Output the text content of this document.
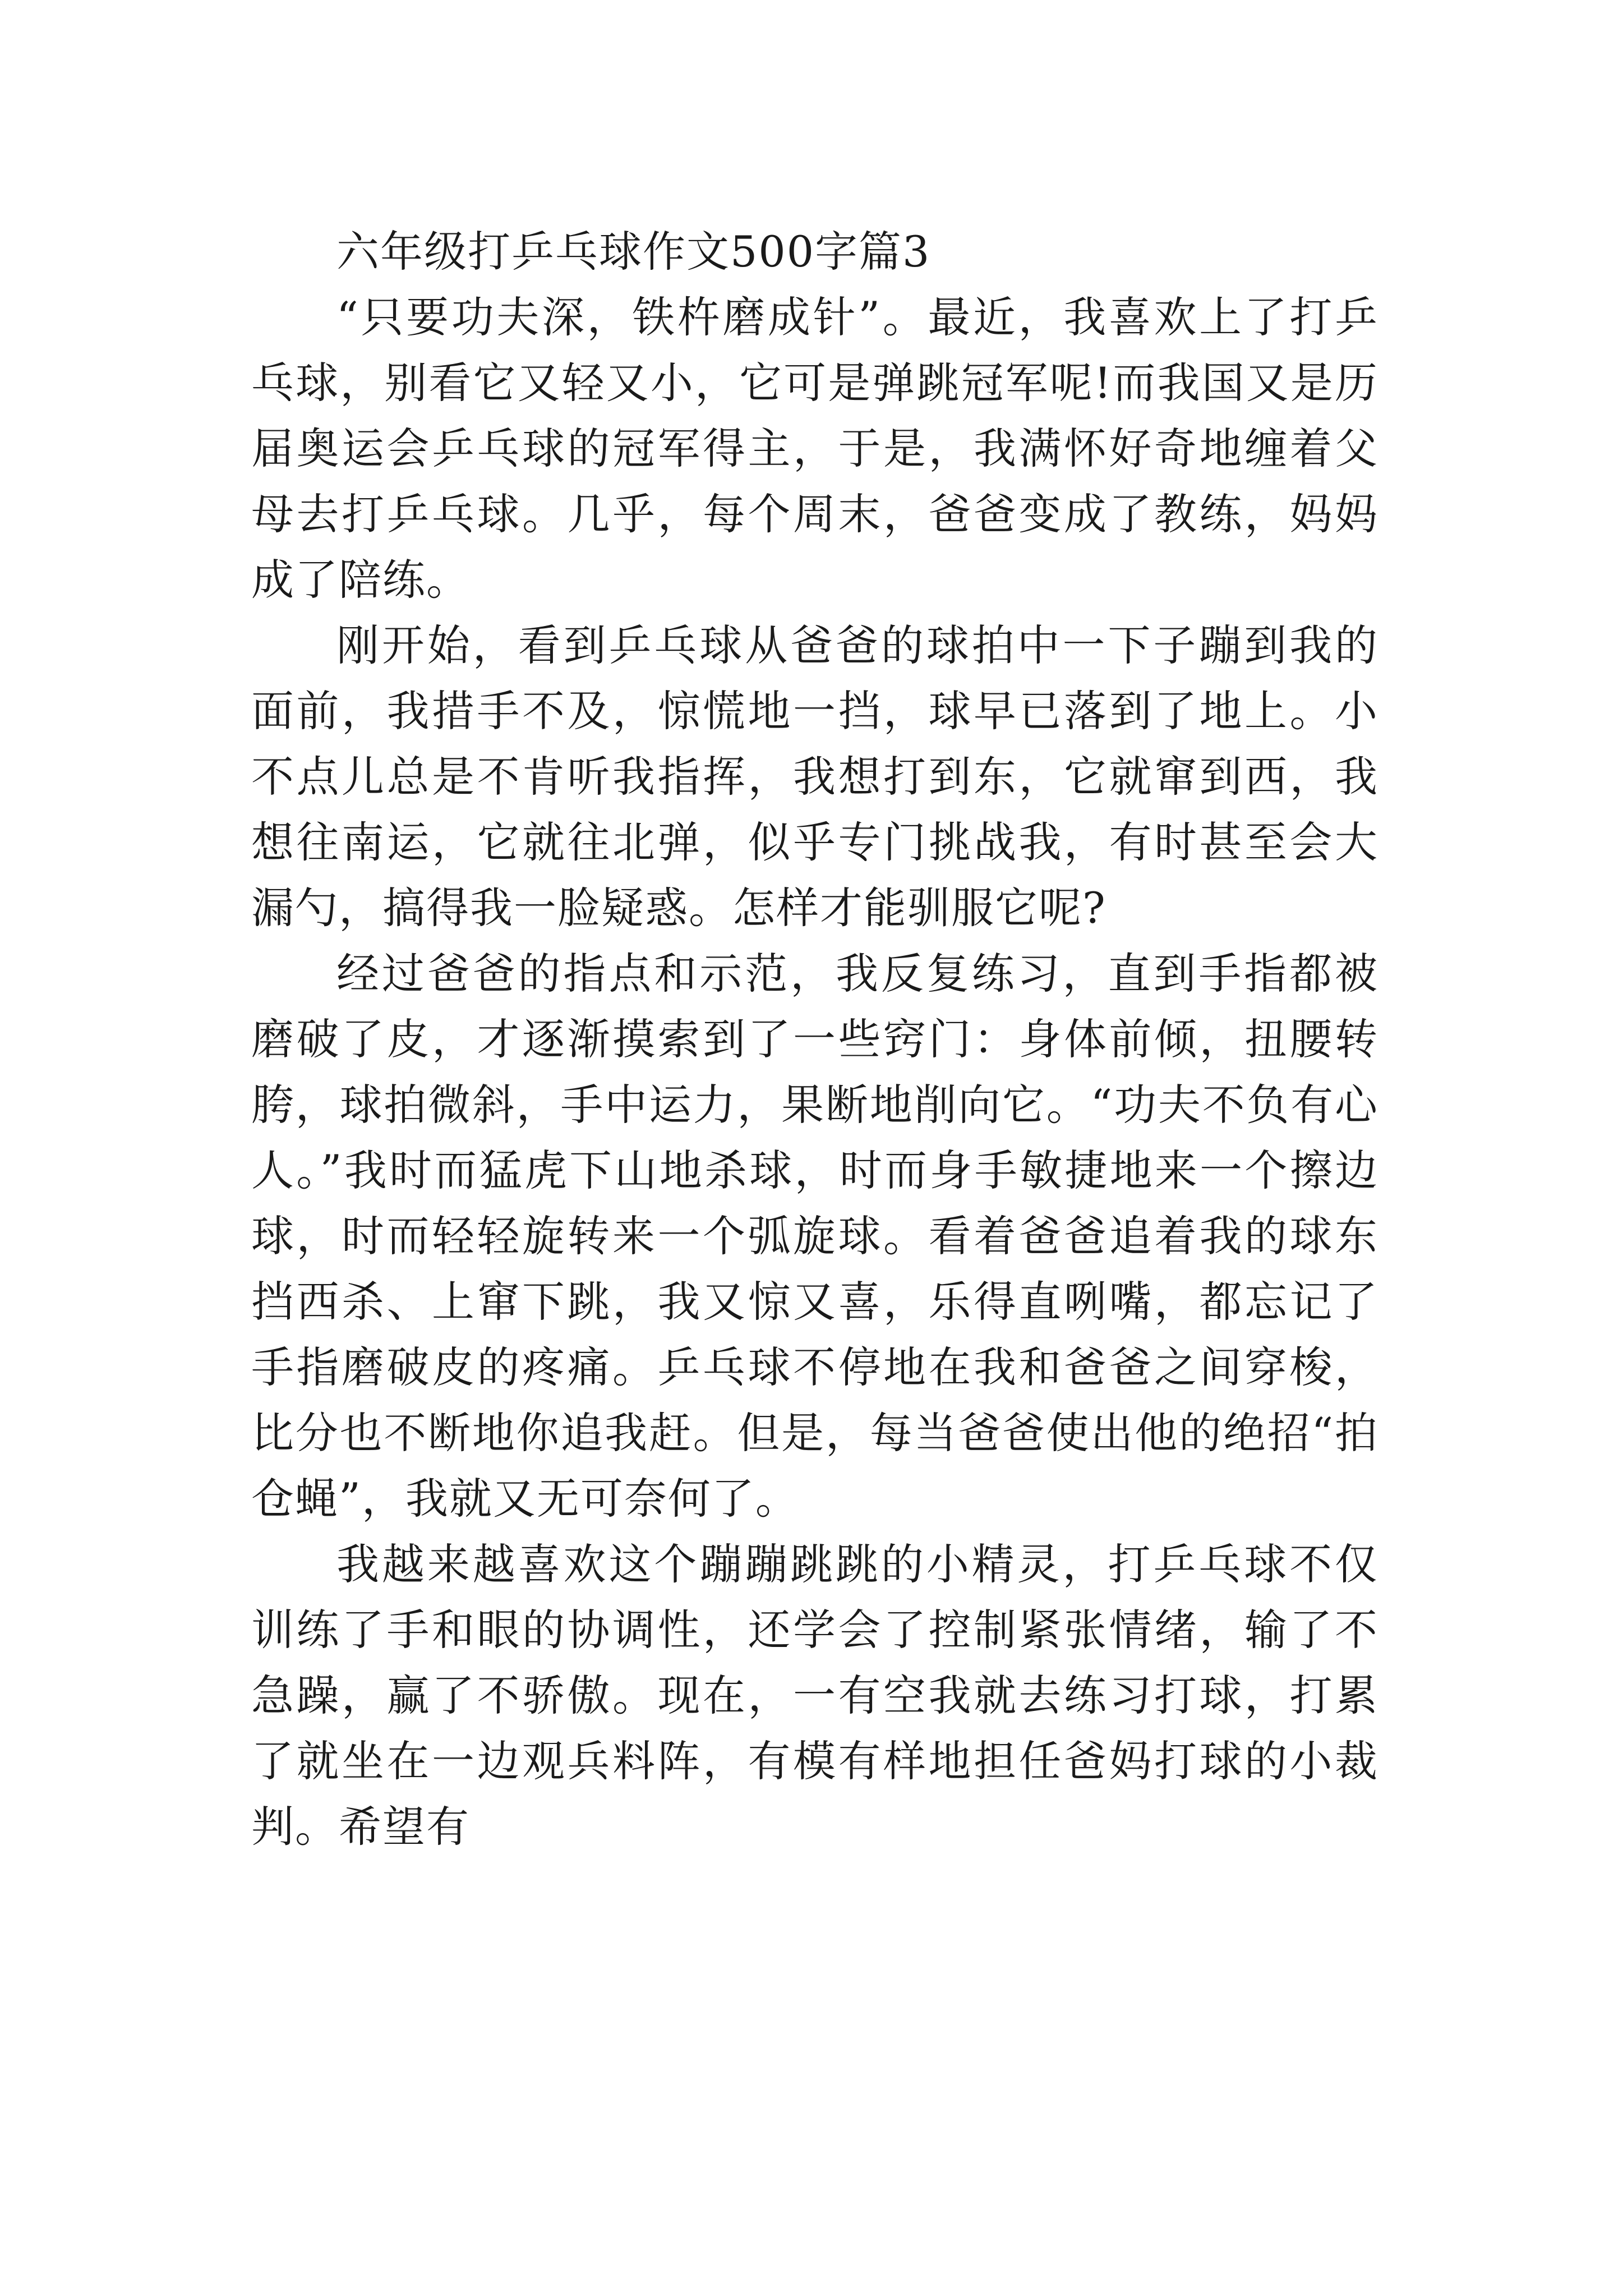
六年级打乒乓球作文500字篇3

“只要功夫深，铁杵磨成针”。最近，我喜欢上了打乒乓球，别看它又轻又小，它可是弹跳冠军呢!而我国又是历届奥运会乒乓球的冠军得主，于是，我满怀好奇地缠着父母去打乒乓球。几乎，每个周末，爸爸变成了教练，妈妈成了陪练。

刚开始，看到乒乓球从爸爸的球拍中一下子蹦到我的面前，我措手不及，惊慌地一挡，球早已落到了地上。小不点儿总是不肯听我指挥，我想打到东，它就窜到西，我想往南运，它就往北弹，似乎专门挑战我，有时甚至会大漏勺，搞得我一脸疑惑。怎样才能驯服它呢?

经过爸爸的指点和示范，我反复练习，直到手指都被磨破了皮，才逐渐摸索到了一些窍门：身体前倾，扭腰转胯，球拍微斜，手中运力，果断地削向它。“功夫不负有心人。”我时而猛虎下山地杀球，时而身手敏捷地来一个擦边球，时而轻轻旋转来一个弧旋球。看着爸爸追着我的球东挡西杀、上窜下跳，我又惊又喜，乐得直咧嘴，都忘记了手指磨破皮的疼痛。乒乓球不停地在我和爸爸之间穿梭，比分也不断地你追我赶。但是，每当爸爸使出他的绝招“拍仓蝇”，我就又无可奈何了。

我越来越喜欢这个蹦蹦跳跳的小精灵，打乒乓球不仅训练了手和眼的协调性，还学会了控制紧张情绪，输了不急躁，赢了不骄傲。现在，一有空我就去练习打球，打累了就坐在一边观兵料阵，有模有样地担任爸妈打球的小裁判。希望有
